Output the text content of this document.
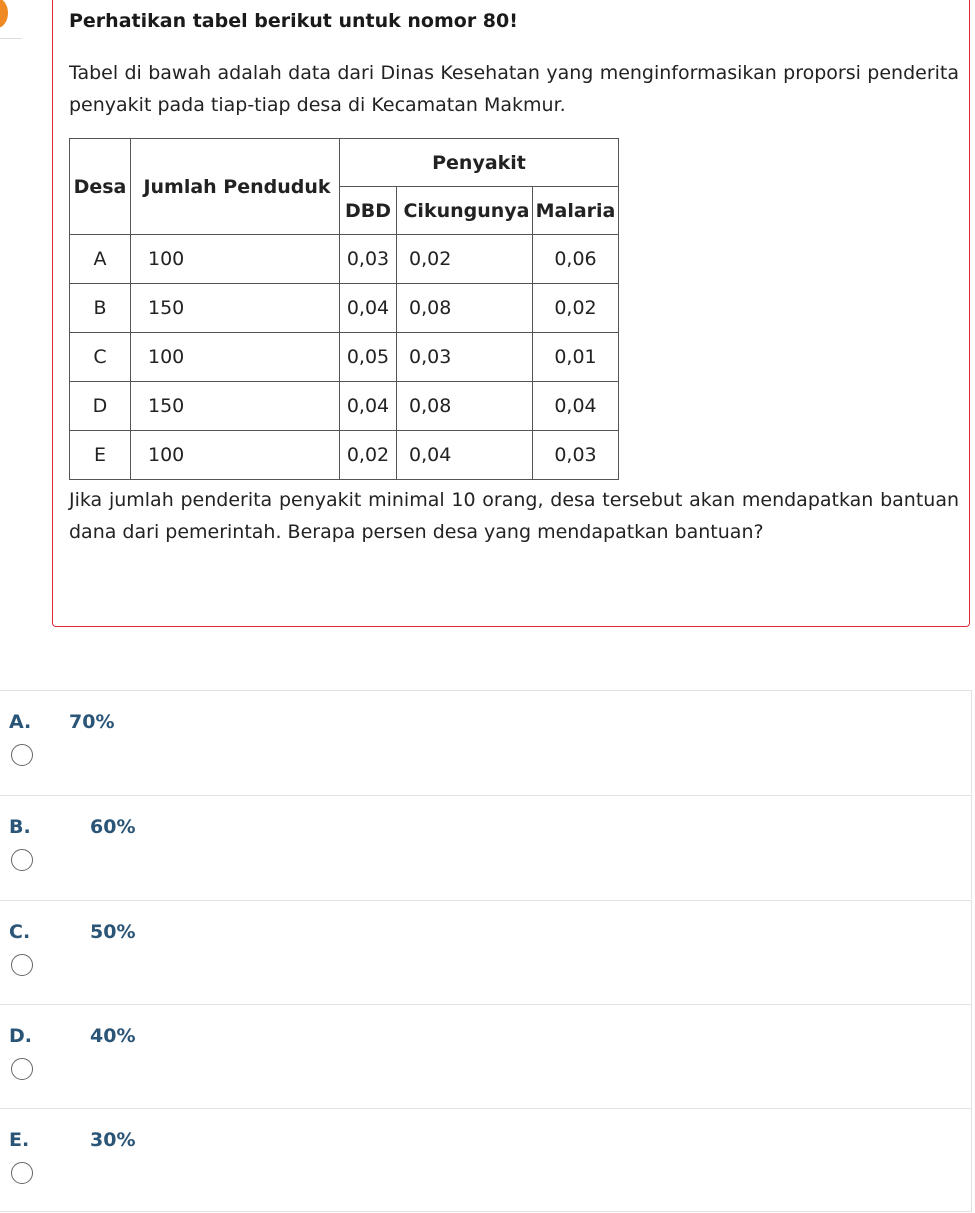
Perhatikan tabel berikut untuk nomor 80!

Tabel di bawah adalah data dari Dinas Kesehatan yang menginformasikan proporsi penderita penyakit pada tiap-tiap desa di Kecamatan Makmur.

Desa	Jumlah Penduduk	Penyakit		
		DBD	Cikungunya	Malaria
A	100	0,03	0,02	0,06
B	150	0,04	0,08	0,02
C	100	0,05	0,03	0,01
D	150	0,04	0,08	0,04
E	100	0,02	0,04	0,03

Jika jumlah penderita penyakit minimal 10 orang, desa tersebut akan mendapatkan bantuan dana dari pemerintah. Berapa persen desa yang mendapatkan bantuan?

A. 70%
B.	60%
C.	50%
D.	40%
E.	30%
